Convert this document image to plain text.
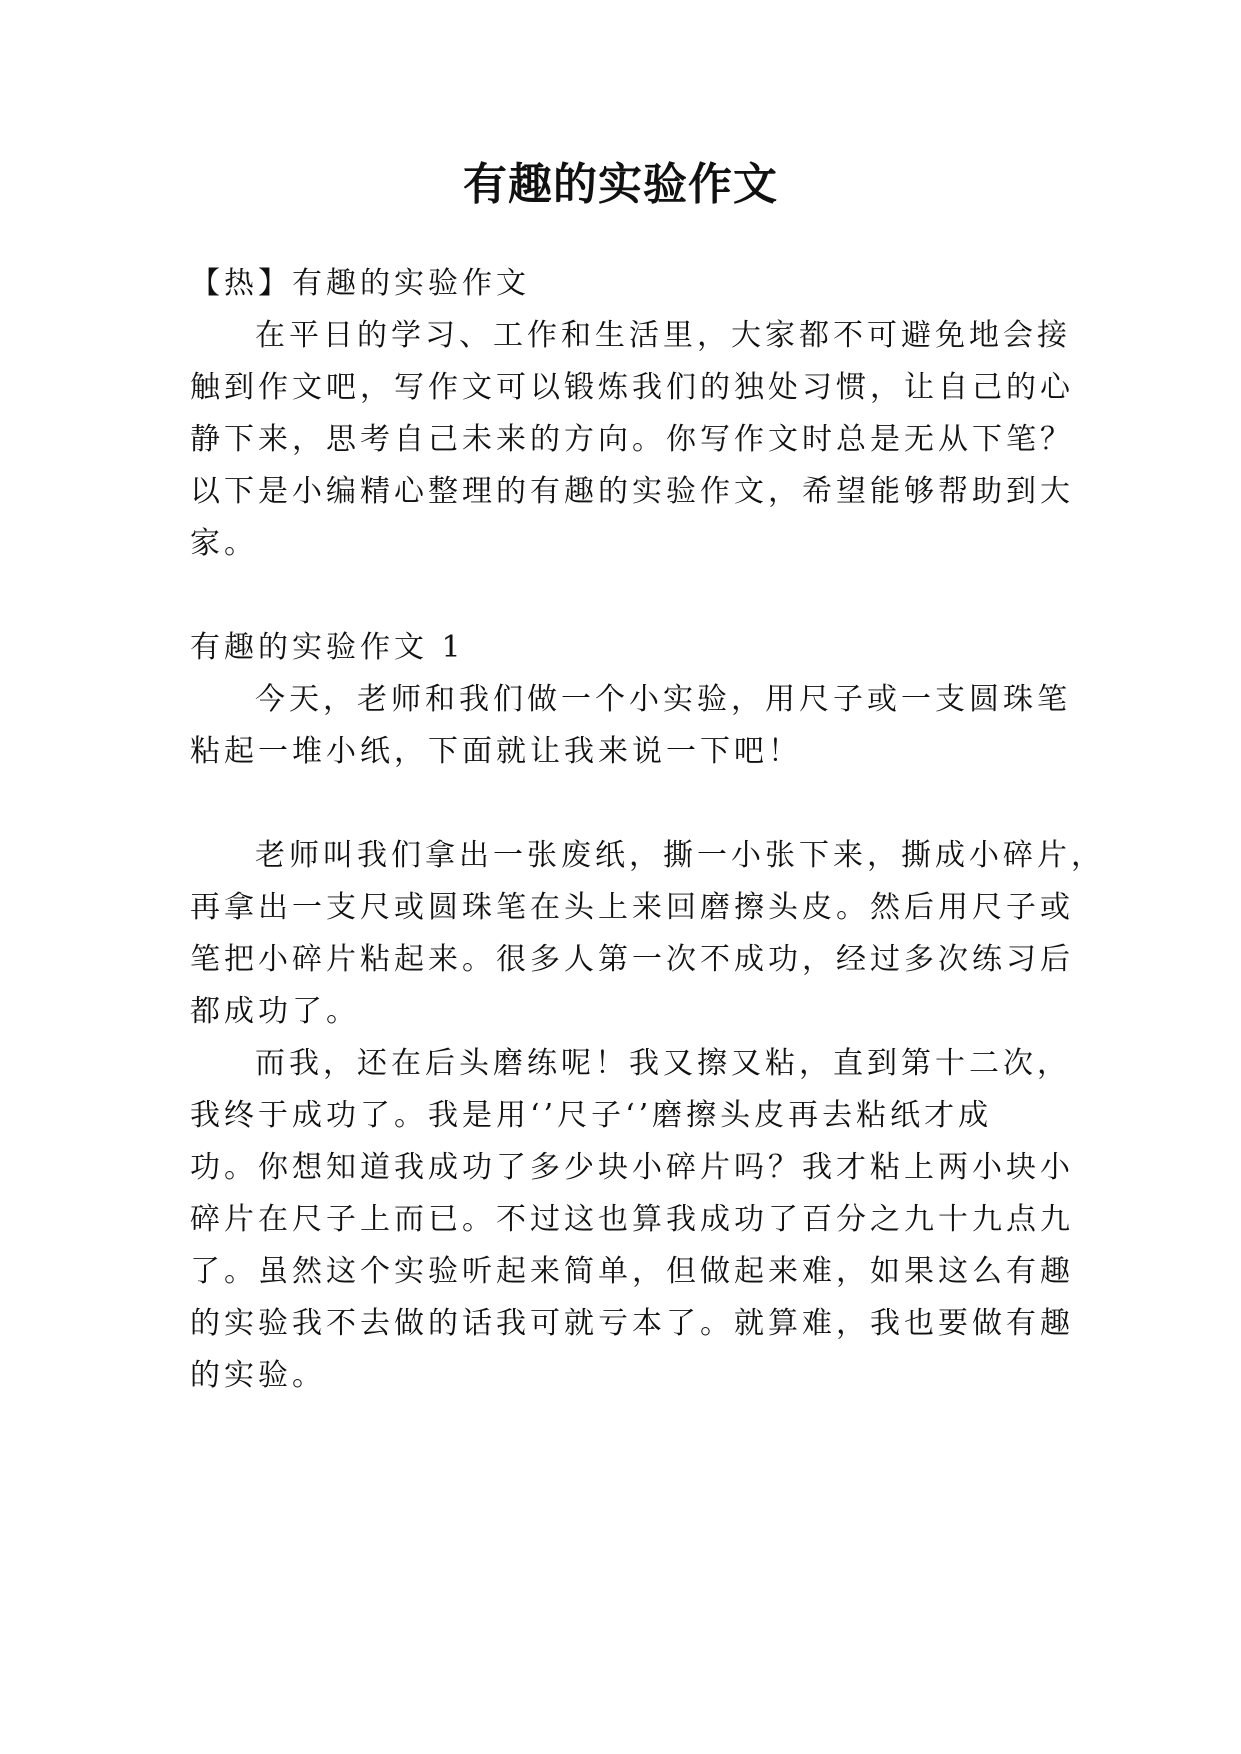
有趣的实验作文
【热】有趣的实验作文
在平日的学习、工作和生活里，大家都不可避免地会接
触到作文吧，写作文可以锻炼我们的独处习惯，让自己的心
静下来，思考自己未来的方向。你写作文时总是无从下笔？
以下是小编精心整理的有趣的实验作文，希望能够帮助到大
家。
有趣的实验作文 1
今天，老师和我们做一个小实验，用尺子或一支圆珠笔
粘起一堆小纸，下面就让我来说一下吧！
老师叫我们拿出一张废纸，撕一小张下来，撕成小碎片，
再拿出一支尺或圆珠笔在头上来回磨擦头皮。然后用尺子或
笔把小碎片粘起来。很多人第一次不成功，经过多次练习后
都成功了。
而我，还在后头磨练呢！我又擦又粘，直到第十二次，
我终于成功了。我是用‘’尺子‘’磨擦头皮再去粘纸才成
功。你想知道我成功了多少块小碎片吗？我才粘上两小块小
碎片在尺子上而已。不过这也算我成功了百分之九十九点九
了。虽然这个实验听起来简单，但做起来难，如果这么有趣
的实验我不去做的话我可就亏本了。就算难，我也要做有趣
的实验。
